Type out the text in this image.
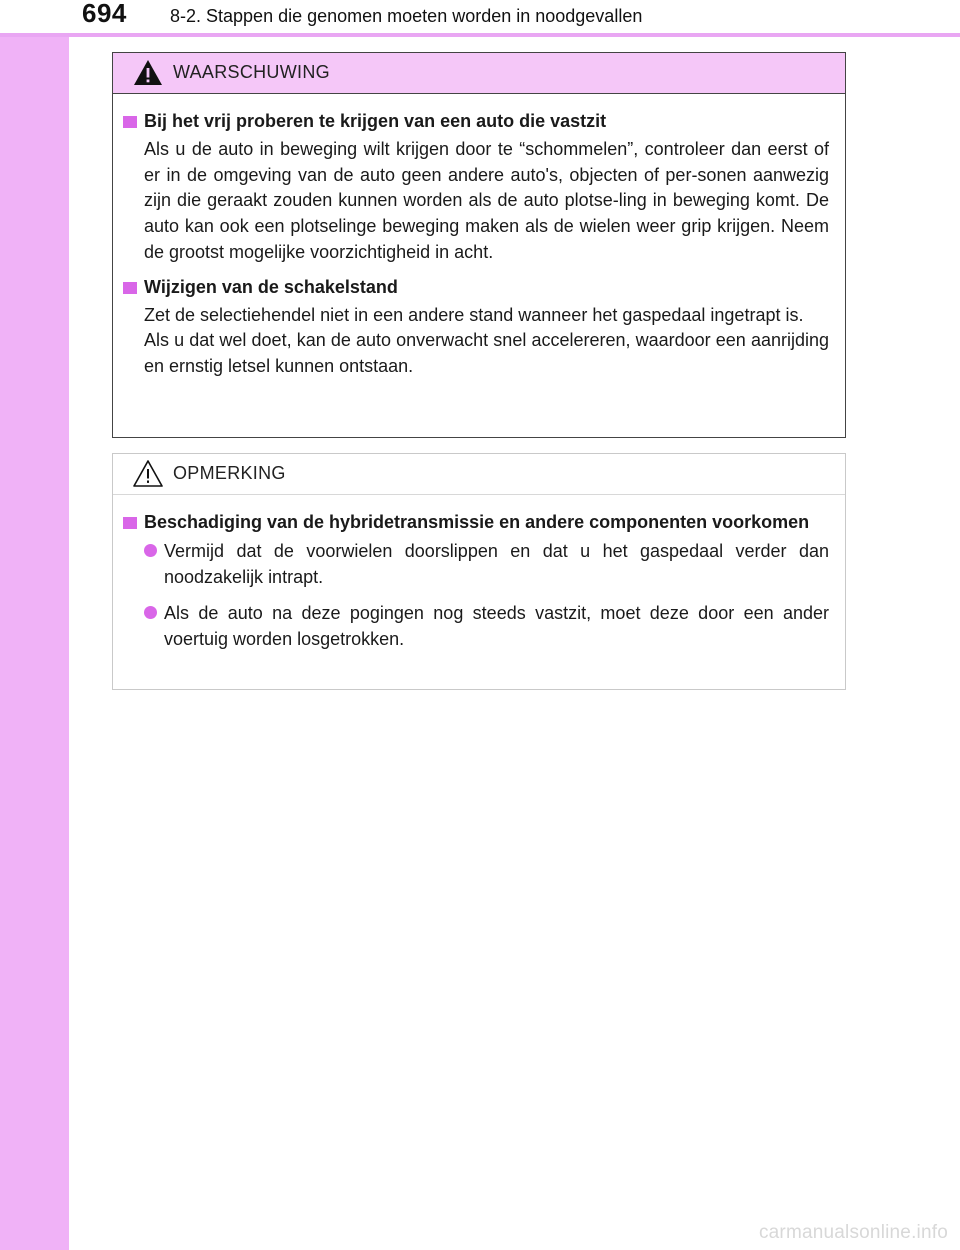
694 8-2. Stappen die genomen moeten worden in noodgevallen
WAARSCHUWING
Bij het vrij proberen te krijgen van een auto die vastzit

Als u de auto in beweging wilt krijgen door te “schommelen”, controleer dan eerst of er in de omgeving van de auto geen andere auto's, objecten of per-sonen aanwezig zijn die geraakt zouden kunnen worden als de auto plotse-ling in beweging komt. De auto kan ook een plotselinge beweging maken als de wielen weer grip krijgen. Neem de grootst mogelijke voorzichtigheid in acht.

Wijzigen van de schakelstand

Zet de selectiehendel niet in een andere stand wanneer het gaspedaal ingetrapt is.

Als u dat wel doet, kan de auto onverwacht snel accelereren, waardoor een aanrijding en ernstig letsel kunnen ontstaan.

OPMERKING
Beschadiging van de hybridetransmissie en andere componenten voorkomen
Vermijd dat de voorwielen doorslippen en dat u het gaspedaal verder dan noodzakelijk intrapt.
Als de auto na deze pogingen nog steeds vastzit, moet deze door een ander voertuig worden losgetrokken.
carmanualsonline.info
